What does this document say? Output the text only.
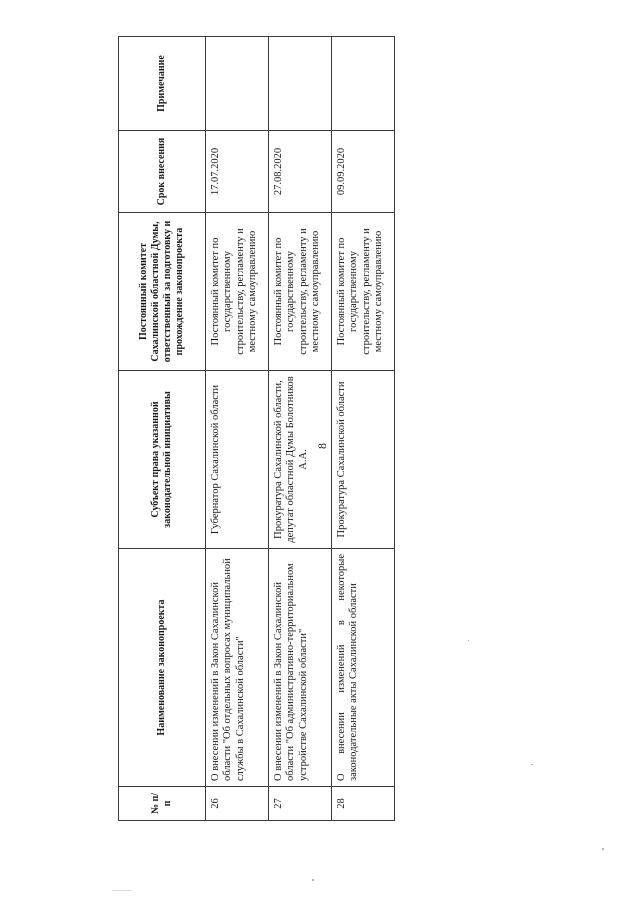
8
№ п/п	Наименование законопроекта	Субъект права указанной законодательной инициативы	Постоянный комитет Сахалинской областной Думы, ответственный за подготовку и прохождение законопроекта	Срок внесения	Примечание
26	О внесении изменений в Закон Сахалинской области "Об отдельных вопросах муниципальной службы в Сахалинской области"	Губернатор Сахалинской области	Постоянный комитет по государственному строительству, регламенту и местному самоуправлению	17.07.2020	
27	О внесении изменений в Закон Сахалинской области "Об административно-территориальном устройстве Сахалинской области"	Прокуратура Сахалинской области, депутат областной Думы Болотников А.А.	Постоянный комитет по государственному строительству, регламенту и местному самоуправлению	27.08.2020	
28	О внесении изменений в некоторые законодательные акты Сахалинской области	Прокуратура Сахалинской области	Постоянный комитет по государственному строительству, регламенту и местному самоуправлению	09.09.2020	
